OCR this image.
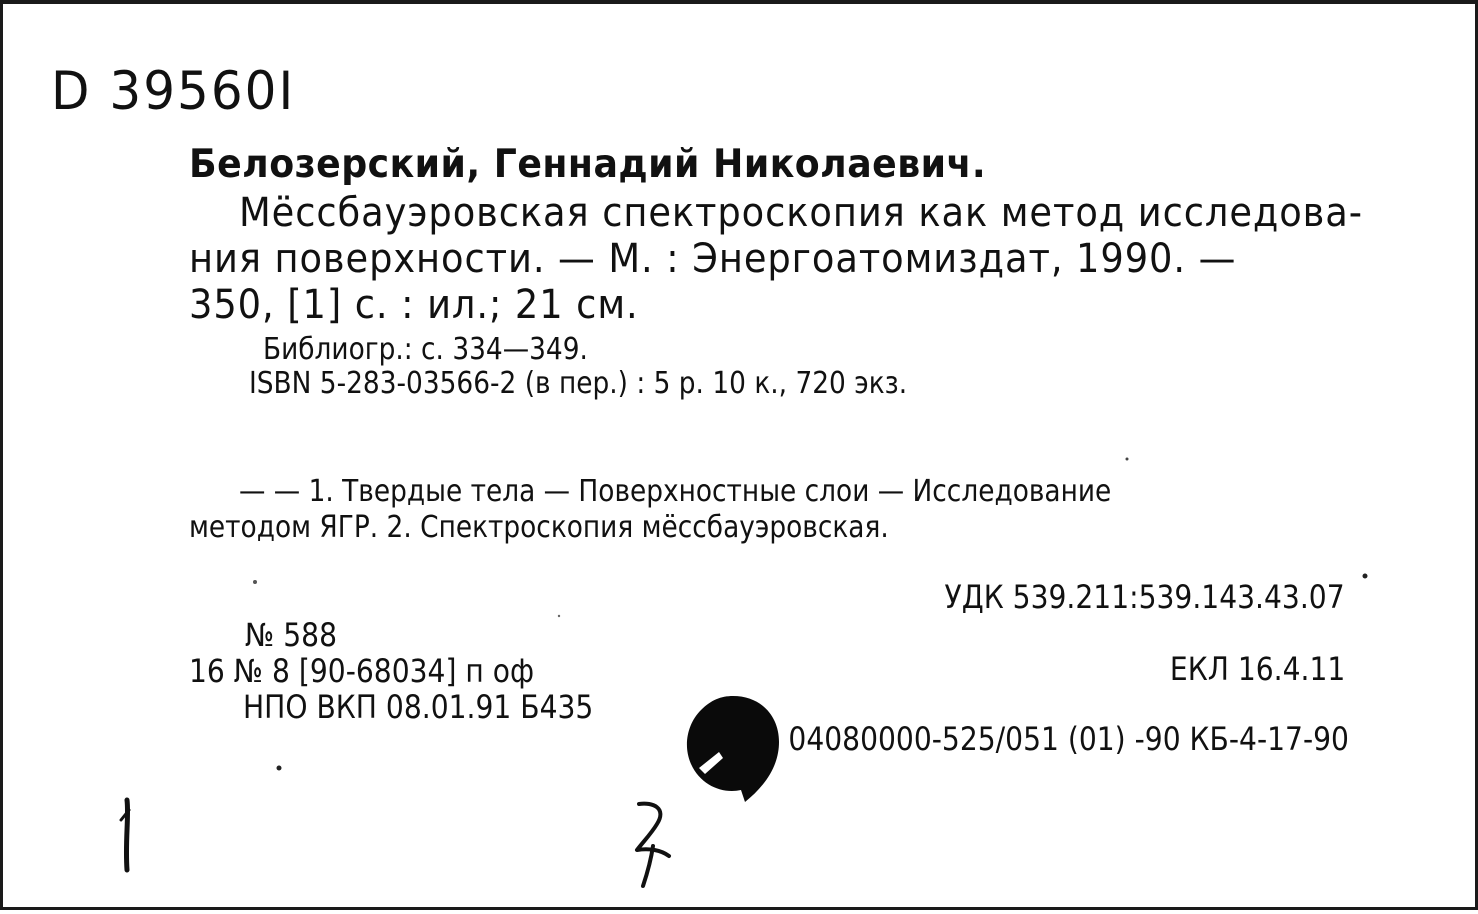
D 39560I
Белозерский, Геннадий Николаевич.
Мёссбауэровская спектроскопия как метод исследова-
ния поверхности. — М. : Энергоатомиздат, 1990. —
350, [1] с. : ил.; 21 см.
Библиогр.: с. 334—349.
ISBN 5-283-03566-2 (в пер.) : 5 р. 10 к., 720 экз.
— — 1. Твердые тела — Поверхностные слои — Исследование
методом ЯГР. 2. Спектроскопия мёссбауэровская.
УДК 539.211:539.143.43.07
№ 588
16 № 8 [90-68034] п оф	ЕКЛ 16.4.11
НПО ВКП 08.01.91 Б435
04080000-525/051 (01) -90 КБ-4-17-90
